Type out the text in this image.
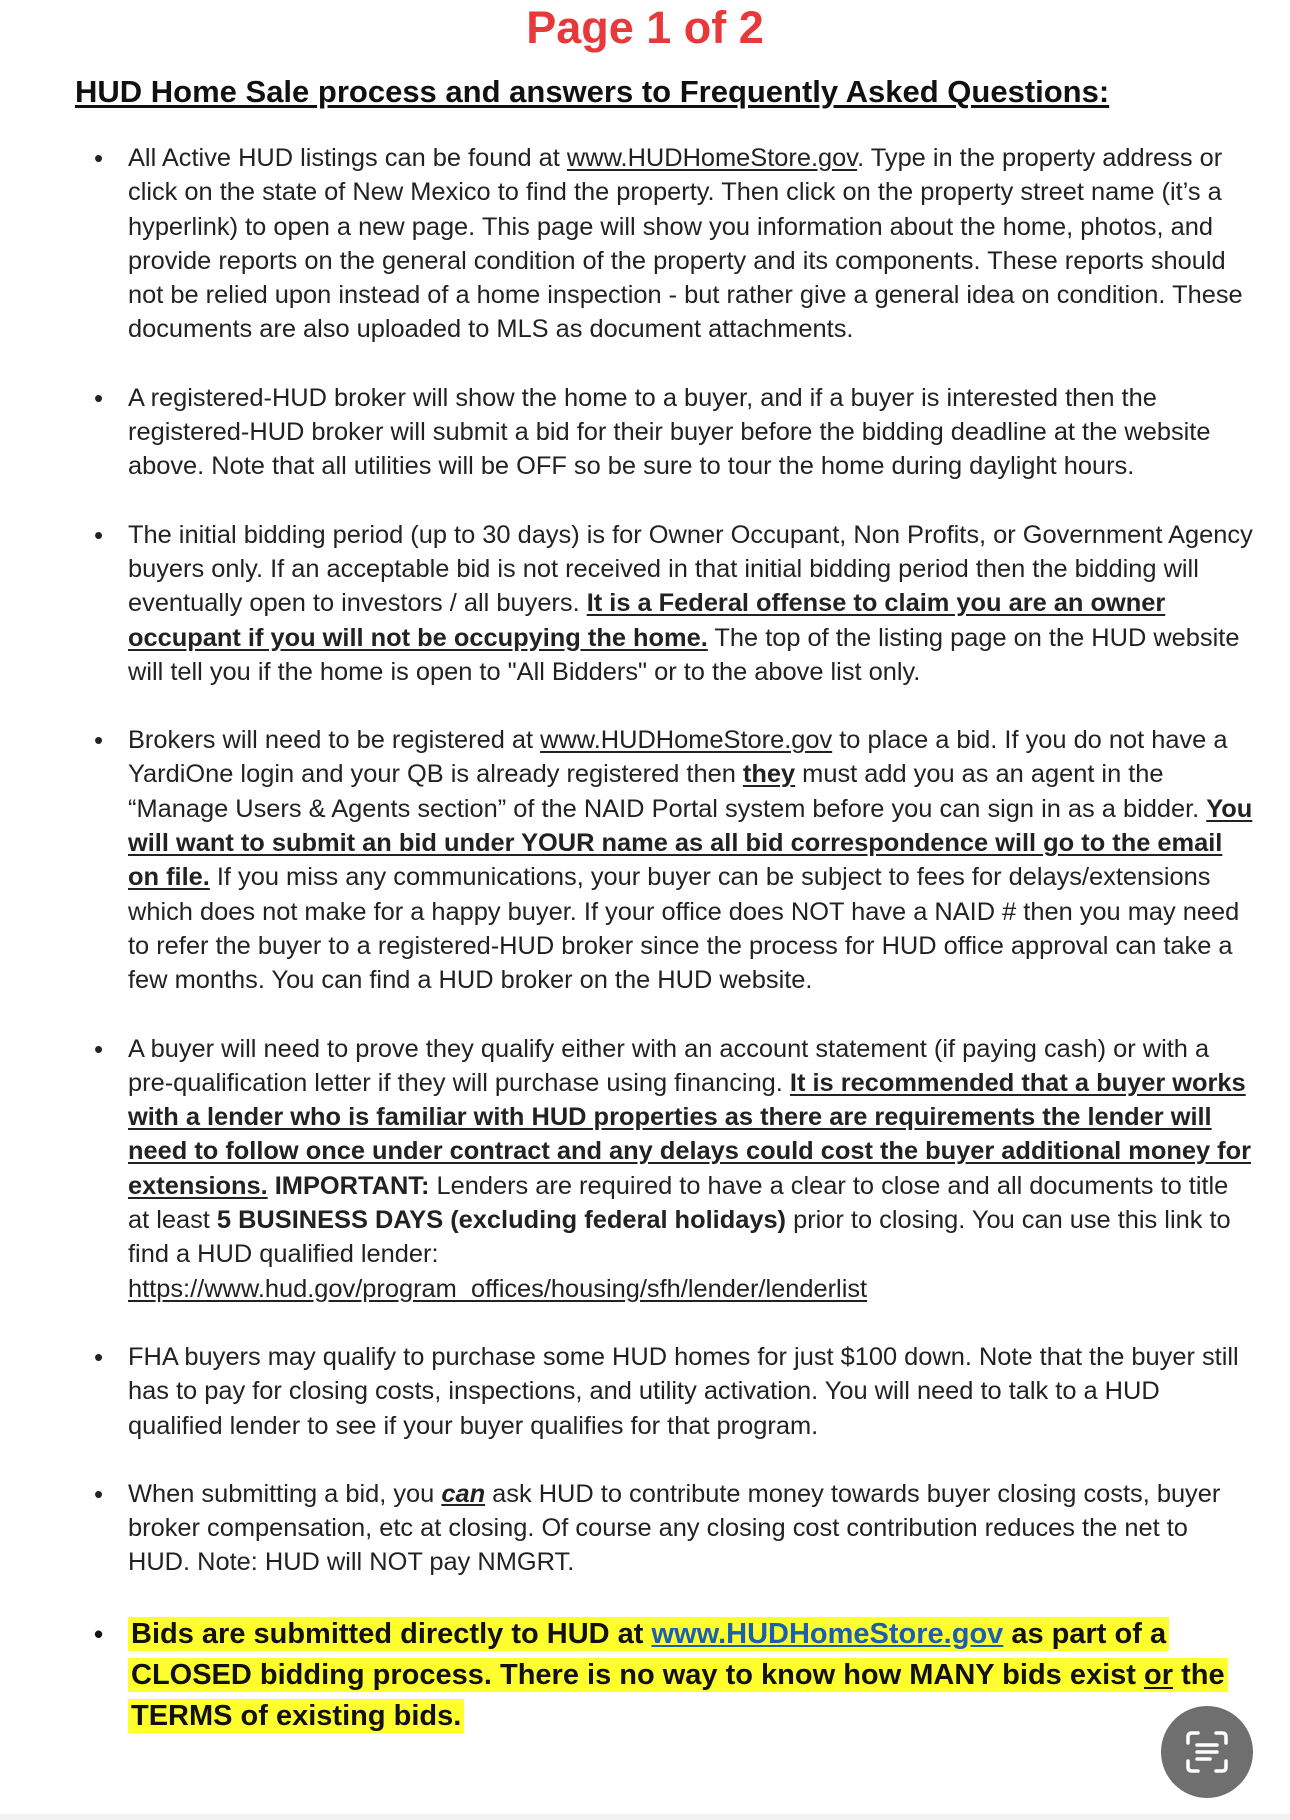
Page 1 of 2
HUD Home Sale process and answers to Frequently Asked Questions:
• All Active HUD listings can be found at www.HUDHomeStore.gov. Type in the property address or click on the state of New Mexico to find the property. Then click on the property street name (it’s a hyperlink) to open a new page. This page will show you information about the home, photos, and provide reports on the general condition of the property and its components. These reports should not be relied upon instead of a home inspection - but rather give a general idea on condition. These documents are also uploaded to MLS as document attachments.
• A registered-HUD broker will show the home to a buyer, and if a buyer is interested then the registered-HUD broker will submit a bid for their buyer before the bidding deadline at the website above. Note that all utilities will be OFF so be sure to tour the home during daylight hours.
• The initial bidding period (up to 30 days) is for Owner Occupant, Non Profits, or Government Agency buyers only. If an acceptable bid is not received in that initial bidding period then the bidding will eventually open to investors / all buyers. It is a Federal offense to claim you are an owner occupant if you will not be occupying the home. The top of the listing page on the HUD website will tell you if the home is open to "All Bidders" or to the above list only.
• Brokers will need to be registered at www.HUDHomeStore.gov to place a bid. If you do not have a YardiOne login and your QB is already registered then they must add you as an agent in the “Manage Users & Agents section” of the NAID Portal system before you can sign in as a bidder. You will want to submit an bid under YOUR name as all bid correspondence will go to the email on file. If you miss any communications, your buyer can be subject to fees for delays/extensions which does not make for a happy buyer. If your office does NOT have a NAID # then you may need to refer the buyer to a registered-HUD broker since the process for HUD office approval can take a few months. You can find a HUD broker on the HUD website.
• A buyer will need to prove they qualify either with an account statement (if paying cash) or with a pre-qualification letter if they will purchase using financing. It is recommended that a buyer works with a lender who is familiar with HUD properties as there are requirements the lender will need to follow once under contract and any delays could cost the buyer additional money for extensions. IMPORTANT: Lenders are required to have a clear to close and all documents to title at least 5 BUSINESS DAYS (excluding federal holidays) prior to closing. You can use this link to find a HUD qualified lender:
https://www.hud.gov/program_offices/housing/sfh/lender/lenderlist
• FHA buyers may qualify to purchase some HUD homes for just $100 down. Note that the buyer still has to pay for closing costs, inspections, and utility activation. You will need to talk to a HUD qualified lender to see if your buyer qualifies for that program.
• When submitting a bid, you can ask HUD to contribute money towards buyer closing costs, buyer broker compensation, etc at closing. Of course any closing cost contribution reduces the net to HUD. Note: HUD will NOT pay NMGRT.
• Bids are submitted directly to HUD at www.HUDHomeStore.gov as part of a CLOSED bidding process. There is no way to know how MANY bids exist or the TERMS of existing bids.
